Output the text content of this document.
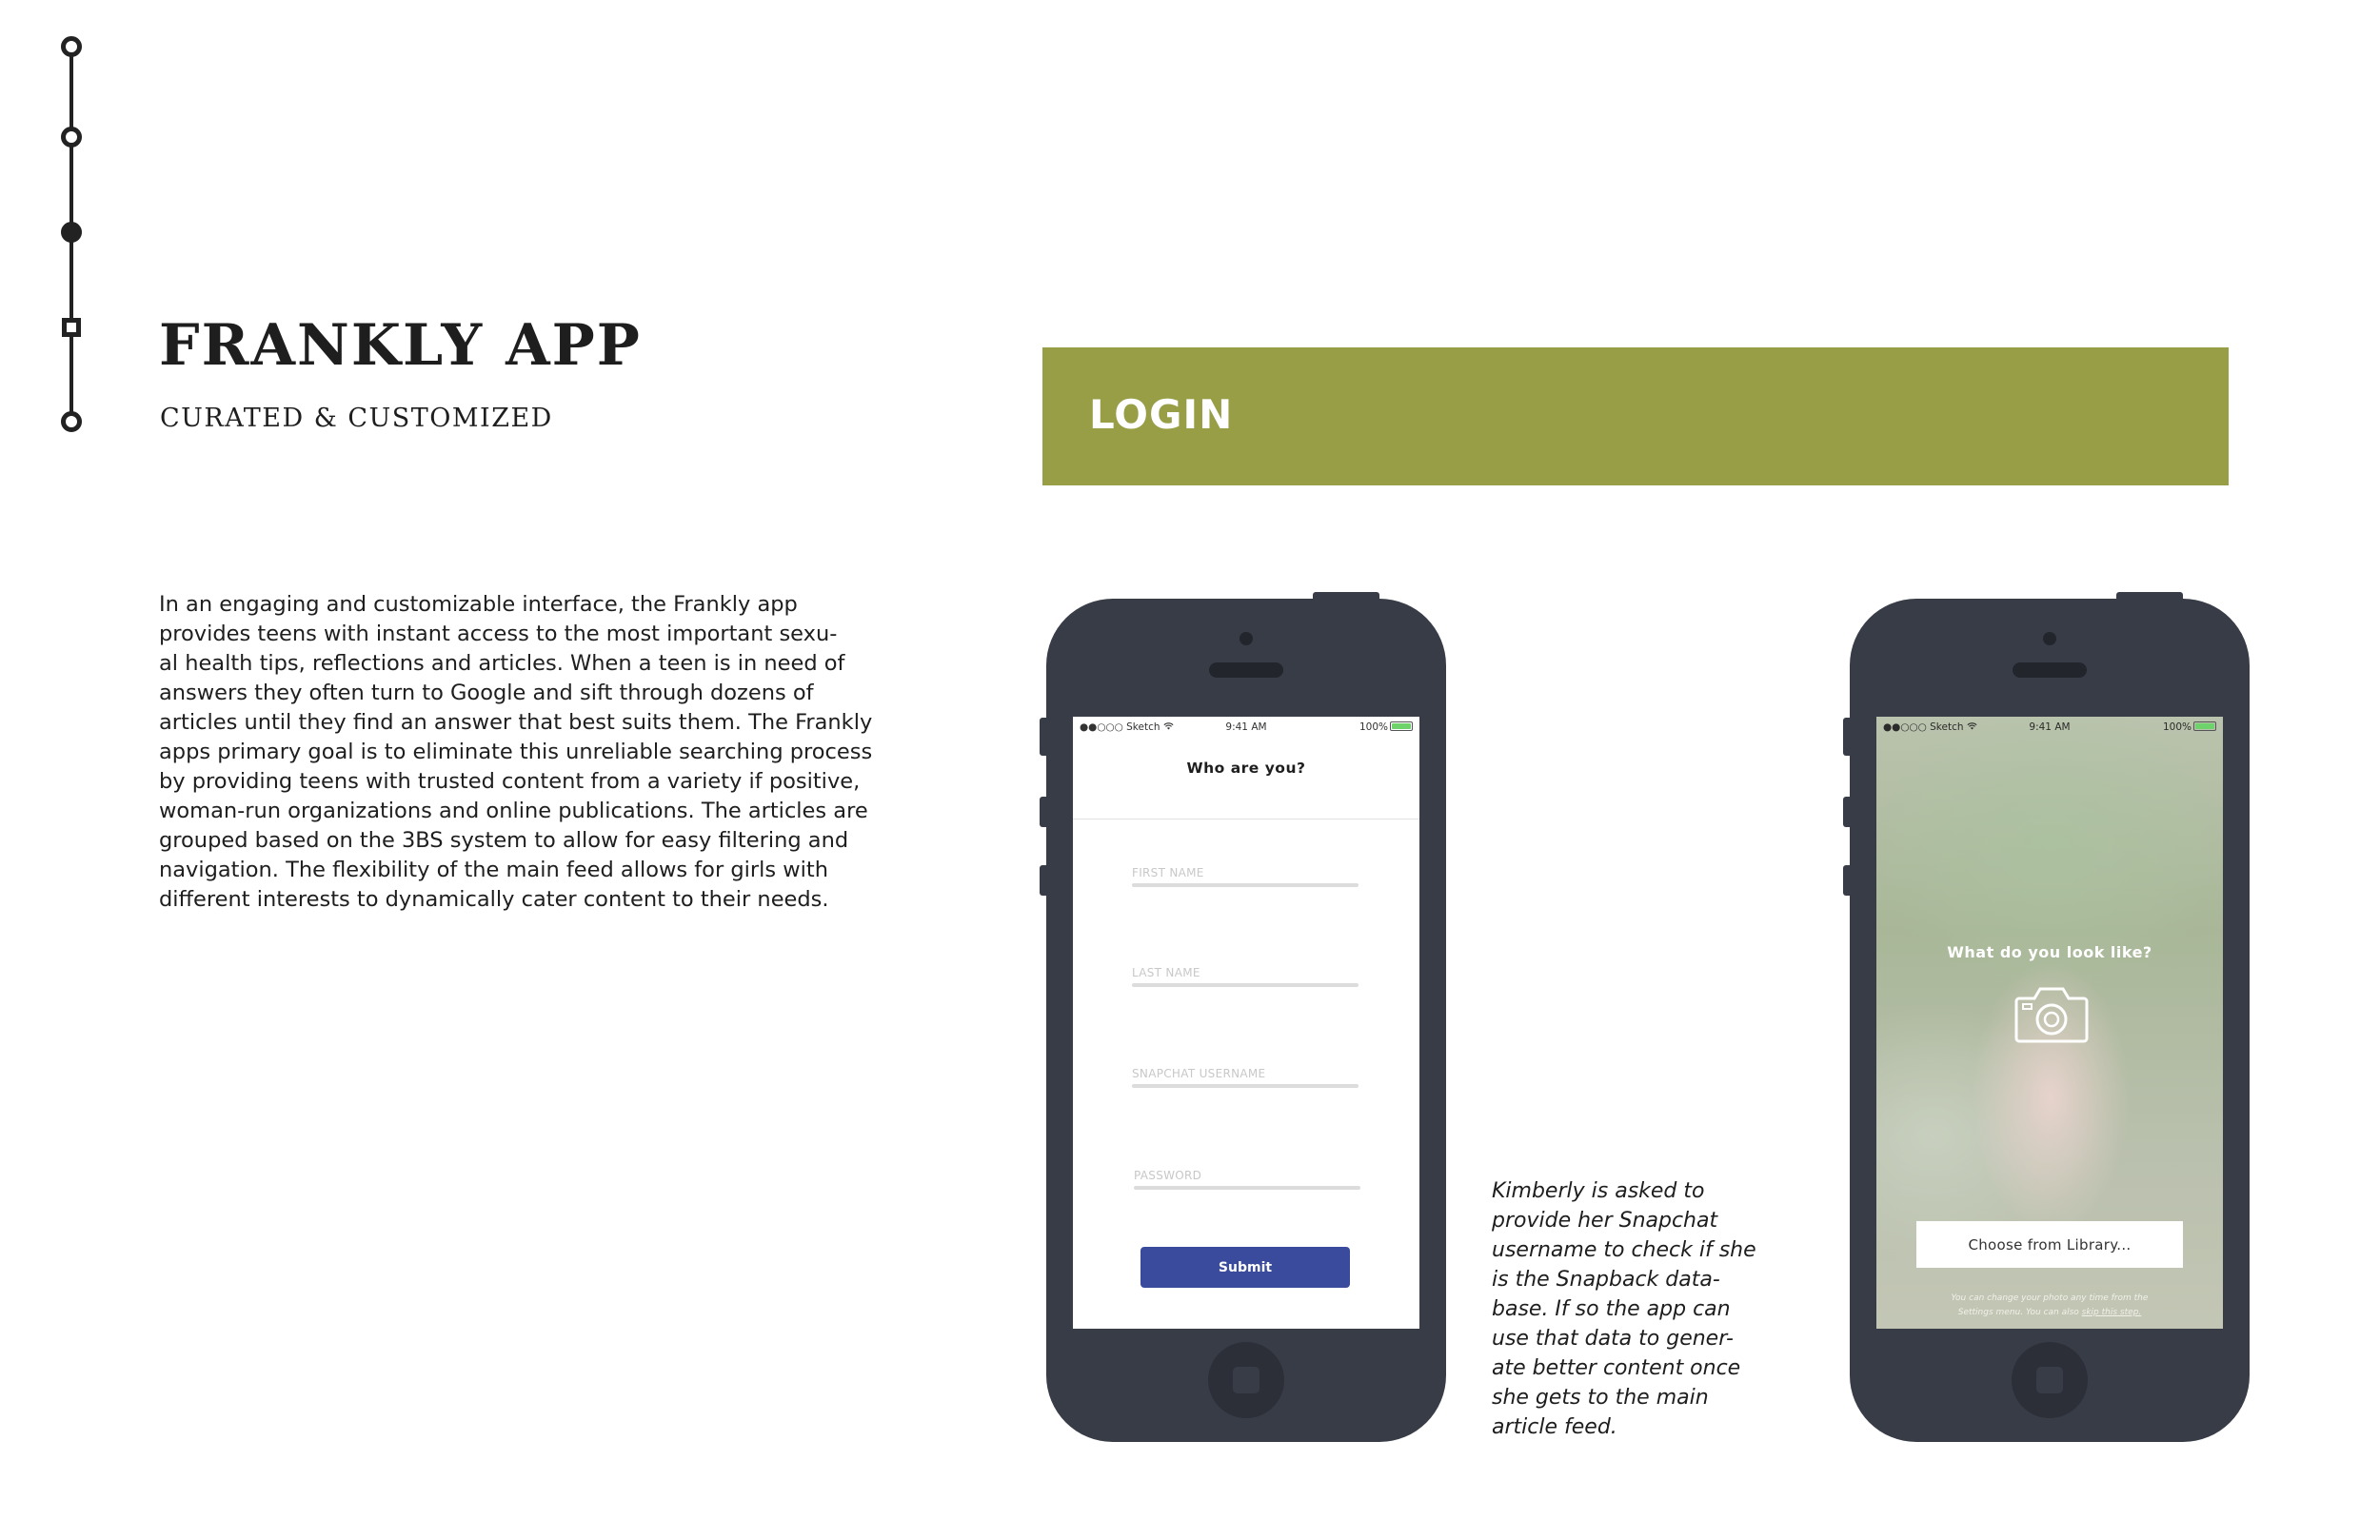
FRANKLY APP
CURATED & CUSTOMIZED
In an engaging and customizable interface, the Frankly app
provides teens with instant access to the most important sexu-
al health tips, reflections and articles. When a teen is in need of
answers they often turn to Google and sift through dozens of
articles until they find an answer that best suits them. The Frankly
apps primary goal is to eliminate this unreliable searching process
by providing teens with trusted content from a variety if positive,
woman-run organizations and online publications. The articles are
grouped based on the 3BS system to allow for easy filtering and
navigation. The flexibility of the main feed allows for girls with
different interests to dynamically cater content to their needs.
LOGIN
●●○○○ Sketch	9:41 AM	100%
Who are you?
FIRST NAME
LAST NAME
SNAPCHAT USERNAME
PASSWORD
Submit
Kimberly is asked to
provide her Snapchat
username to check if she
is the Snapback data-
base. If so the app can
use that data to gener-
ate better content once
she gets to the main
article feed.
●●○○○ Sketch	9:41 AM	100%
What do you look like?
Choose from Library...
You can change your photo any time from the
Settings menu. You can also skip this step.
